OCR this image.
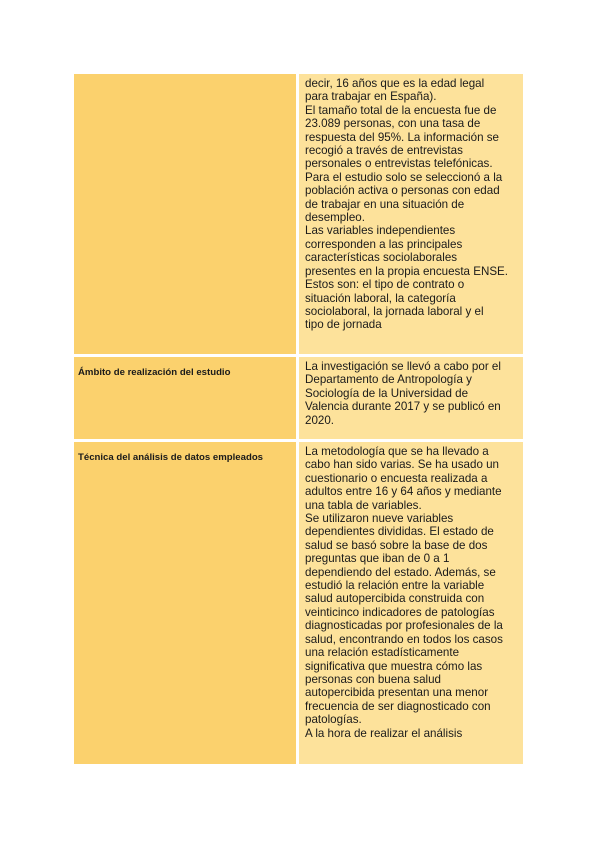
decir, 16 años que es la edad legal
para trabajar en España).
El tamaño total de la encuesta fue de
23.089 personas, con una tasa de
respuesta del 95%. La información se
recogió a través de entrevistas
personales o entrevistas telefónicas.
Para el estudio solo se seleccionó a la
población activa o personas con edad
de trabajar en una situación de
desempleo.
Las variables independientes
corresponden a las principales
características sociolaborales
presentes en la propia encuesta ENSE.
Estos son: el tipo de contrato o
situación laboral, la categoría
sociolaboral, la jornada laboral y el
tipo de jornada
Ámbito de realización del estudio	La investigación se llevó a cabo por el
Departamento de Antropología y
Sociología de la Universidad de
Valencia durante 2017 y se publicó en
2020.
Técnica del análisis de datos empleados	La metodología que se ha llevado a
cabo han sido varias. Se ha usado un
cuestionario o encuesta realizada a
adultos entre 16 y 64 años y mediante
una tabla de variables.
Se utilizaron nueve variables
dependientes divididas. El estado de
salud se basó sobre la base de dos
preguntas que iban de 0 a 1
dependiendo del estado. Además, se
estudió la relación entre la variable
salud autopercibida construida con
veinticinco indicadores de patologías
diagnosticadas por profesionales de la
salud, encontrando en todos los casos
una relación estadísticamente
significativa que muestra cómo las
personas con buena salud
autopercibida presentan una menor
frecuencia de ser diagnosticado con
patologías.
A la hora de realizar el análisis
